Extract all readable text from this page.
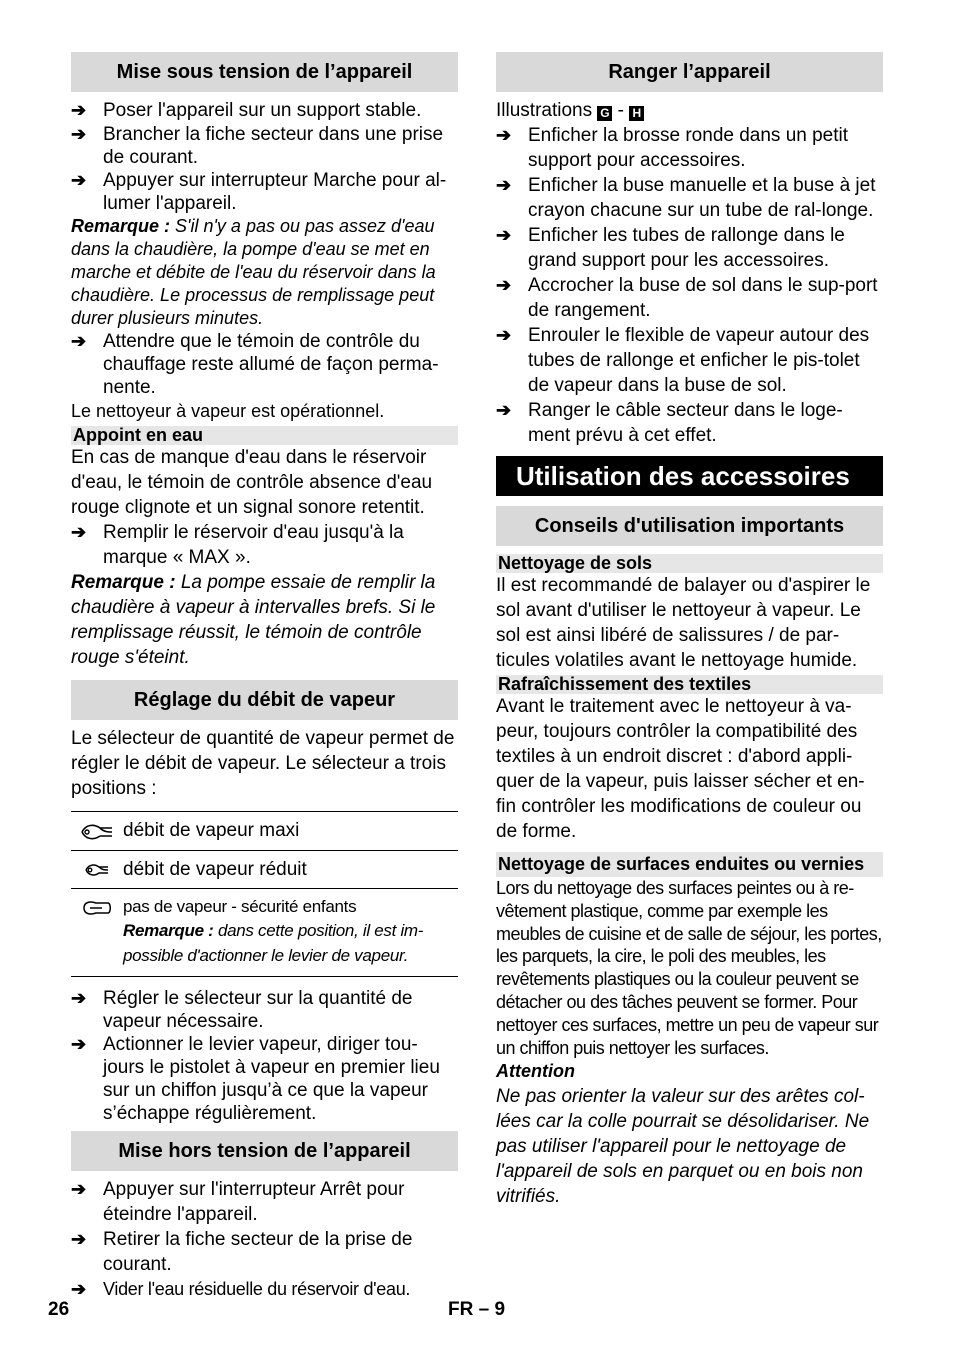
Mise sous tension de l’appareil
➔ Poser l'appareil sur un support stable.
➔ Brancher la fiche secteur dans une prise de courant.
➔ Appuyer sur interrupteur Marche pour al-lumer l'appareil.

Remarque : S'il n'y a pas ou pas assez d'eau dans la chaudière, la pompe d'eau se met en marche et débite de l'eau du réservoir dans la chaudière. Le processus de remplissage peut durer plusieurs minutes.

➔ Attendre que le témoin de contrôle du chauffage reste allumé de façon perma-nente.

Le nettoyeur à vapeur est opérationnel.

Appoint en eau

En cas de manque d'eau dans le réservoir d'eau, le témoin de contrôle absence d'eau rouge clignote et un signal sonore retentit.

➔ Remplir le réservoir d'eau jusqu'à la marque « MAX ».

Remarque : La pompe essaie de remplir la chaudière à vapeur à intervalles brefs. Si le remplissage réussit, le témoin de contrôle rouge s'éteint.

Réglage du débit de vapeur

Le sélecteur de quantité de vapeur permet de régler le débit de vapeur. Le sélecteur a trois positions :

débit de vapeur maxi
débit de vapeur réduit
pas de vapeur - sécurité enfants
Remarque : dans cette position, il est im-possible d'actionner le levier de vapeur.
➔ Régler le sélecteur sur la quantité de vapeur nécessaire.
➔ Actionner le levier vapeur, diriger tou-jours le pistolet à vapeur en premier lieu sur un chiffon jusqu’à ce que la vapeur s’échappe régulièrement.
Mise hors tension de l’appareil
➔ Appuyer sur l'interrupteur Arrêt pour éteindre l'appareil.
➔ Retirer la fiche secteur de la prise de courant.
➔ Vider l'eau résiduelle du réservoir d'eau.
Ranger l’appareil

Illustrations G - H

➔ Enficher la brosse ronde dans un petit support pour accessoires.
➔ Enficher la buse manuelle et la buse à jet crayon chacune sur un tube de ral-longe.
➔ Enficher les tubes de rallonge dans le grand support pour les accessoires.
➔ Accrocher la buse de sol dans le sup-port de rangement.
➔ Enrouler le flexible de vapeur autour des tubes de rallonge et enficher le pis-tolet de vapeur dans la buse de sol.
➔ Ranger le câble secteur dans le loge-ment prévu à cet effet.
Utilisation des accessoires
Conseils d'utilisation importants
Nettoyage de sols

Il est recommandé de balayer ou d'aspirer le sol avant d'utiliser le nettoyeur à vapeur. Le sol est ainsi libéré de salissures / de par-ticules volatiles avant le nettoyage humide.

Rafraîchissement des textiles

Avant le traitement avec le nettoyeur à va-peur, toujours contrôler la compatibilité des textiles à un endroit discret : d'abord appli-quer de la vapeur, puis laisser sécher et en-fin contrôler les modifications de couleur ou de forme.

Nettoyage de surfaces enduites ou vernies

Lors du nettoyage des surfaces peintes ou à re-vêtement plastique, comme par exemple les meubles de cuisine et de salle de séjour, les portes, les parquets, la cire, le poli des meubles, les revêtements plastiques ou la couleur peuvent se détacher ou des tâches peuvent se former. Pour nettoyer ces surfaces, mettre un peu de vapeur sur un chiffon puis nettoyer les surfaces.

Attention

Ne pas orienter la valeur sur des arêtes col-lées car la colle pourrait se désolidariser. Ne pas utiliser l'appareil pour le nettoyage de l'appareil de sols en parquet ou en bois non vitrifiés.

26	FR – 9
